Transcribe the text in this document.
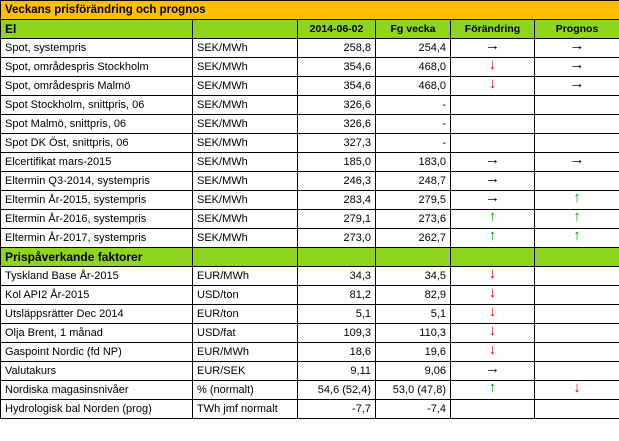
Veckans prisförändring och prognos					
El		2014-06-02	Fg vecka	Förändring	Prognos
Spot, systempris	SEK/MWh	258,8	254,4	→	→
Spot, områdespris Stockholm	SEK/MWh	354,6	468,0	↓	→
Spot, områdespris Malmö	SEK/MWh	354,6	468,0	↓	→
Spot Stockholm, snittpris, 06	SEK/MWh	326,6	-		
Spot Malmö, snittpris, 06	SEK/MWh	326,6	-		
Spot DK Öst, snittpris, 06	SEK/MWh	327,3	-		
Elcertifikat mars-2015	SEK/MWh	185,0	183,0	→	→
Eltermin Q3-2014, systempris	SEK/MWh	246,3	248,7	→	
Eltermin År-2015, systempris	SEK/MWh	283,4	279,5	→	↑
Eltermin År-2016, systempris	SEK/MWh	279,1	273,6	↑	↑
Eltermin År-2017, systempris	SEK/MWh	273,0	262,7	↑	↑
Prispåverkande faktorer					
Tyskland Base År-2015	EUR/MWh	34,3	34,5	↓	
Kol API2 År-2015	USD/ton	81,2	82,9	↓	
Utsläppsrätter Dec 2014	EUR/ton	5,1	5,1	↓	
Olja Brent, 1 månad	USD/fat	109,3	110,3	↓	
Gaspoint Nordic (fd NP)	EUR/MWh	18,6	19,6	↓	
Valutakurs	EUR/SEK	9,11	9,06	→	
Nordiska magasinsnivåer	% (normalt)	54,6 (52,4)	53,0 (47,8)	↑	↓
Hydrologisk bal Norden (prog)	TWh jmf normalt	-7,7	-7,4		
